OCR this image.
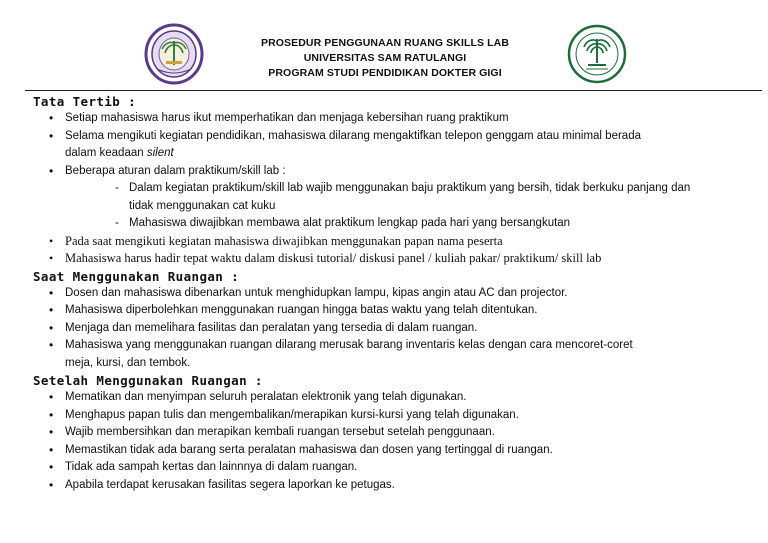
PROSEDUR PENGGUNAAN RUANG SKILLS LAB
UNIVERSITAS SAM RATULANGI
PROGRAM STUDI PENDIDIKAN DOKTER GIGI
Tata Tertib :
• Setiap mahasiswa harus ikut memperhatikan dan menjaga kebersihan ruang praktikum
• Selama mengikuti kegiatan pendidikan, mahasiswa dilarang mengaktifkan telepon genggam atau minimal berada
dalam keadaan silent
• Beberapa aturan dalam praktikum/skill lab :
- Dalam kegiatan praktikum/skill lab wajib menggunakan baju praktikum yang bersih, tidak berkuku panjang dan
tidak menggunakan cat kuku
- Mahasiswa diwajibkan membawa alat praktikum lengkap pada hari yang bersangkutan
• Pada saat mengikuti kegiatan mahasiswa diwajibkan menggunakan papan nama peserta
• Mahasiswa harus hadir tepat waktu dalam diskusi tutorial/ diskusi panel / kuliah pakar/ praktikum/ skill lab
Saat Menggunakan Ruangan :
• Dosen dan mahasiswa dibenarkan untuk menghidupkan lampu, kipas angin atau AC dan projector.
• Mahasiswa diperbolehkan menggunakan ruangan hingga batas waktu yang telah ditentukan.
• Menjaga dan memelihara fasilitas dan peralatan yang tersedia di dalam ruangan.
• Mahasiswa yang menggunakan ruangan dilarang merusak barang inventaris kelas dengan cara mencoret-coret
meja, kursi, dan tembok.
Setelah Menggunakan Ruangan :
• Mematikan dan menyimpan seluruh peralatan elektronik yang telah digunakan.
• Menghapus papan tulis dan mengembalikan/merapikan kursi-kursi yang telah digunakan.
• Wajib membersihkan dan merapikan kembali ruangan tersebut setelah penggunaan.
• Memastikan tidak ada barang serta peralatan mahasiswa dan dosen yang tertinggal di ruangan.
• Tidak ada sampah kertas dan lainnnya di dalam ruangan.
• Apabila terdapat kerusakan fasilitas segera laporkan ke petugas.
